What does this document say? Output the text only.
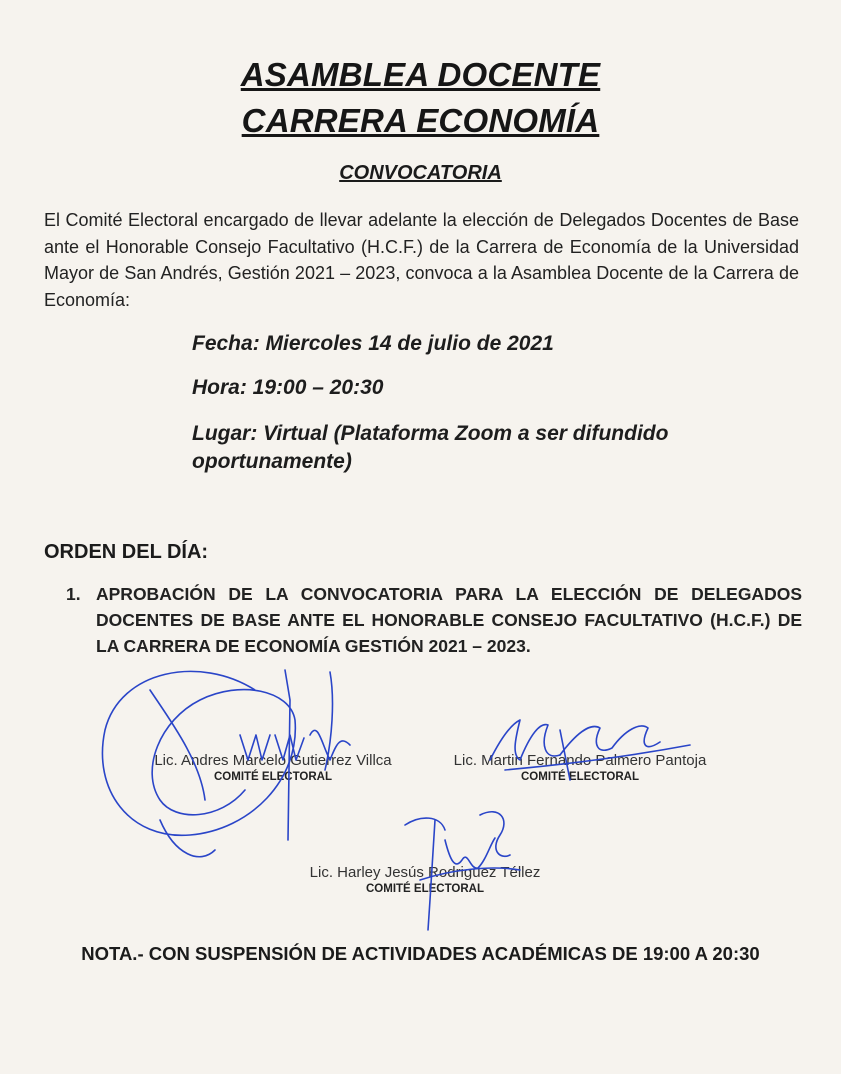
ASAMBLEA DOCENTE
CARRERA ECONOMÍA
CONVOCATORIA
El Comité Electoral encargado de llevar adelante la elección de Delegados Docentes de Base ante el Honorable Consejo Facultativo (H.C.F.) de la Carrera de Economía de la Universidad Mayor de San Andrés, Gestión 2021 – 2023, convoca a la Asamblea Docente de la Carrera de Economía:
Fecha: Miercoles 14 de julio de 2021
Hora: 19:00 – 20:30
Lugar: Virtual (Plataforma Zoom a ser difundido oportunamente)
ORDEN DEL DÍA:
1. APROBACIÓN DE LA CONVOCATORIA PARA LA ELECCIÓN DE DELEGADOS DOCENTES DE BASE ANTE EL HONORABLE CONSEJO FACULTATIVO (H.C.F.) DE LA CARRERA DE ECONOMÍA GESTIÓN 2021 – 2023.
Lic. Andres Marcelo Gutierrez Villca
COMITÉ ELECTORAL
Lic. Martin Fernando Palmero Pantoja
COMITÉ ELECTORAL
Lic. Harley Jesús Rodriguez Téllez
COMITÉ ELECTORAL
NOTA.- CON SUSPENSIÓN DE ACTIVIDADES ACADÉMICAS DE 19:00 A 20:30
